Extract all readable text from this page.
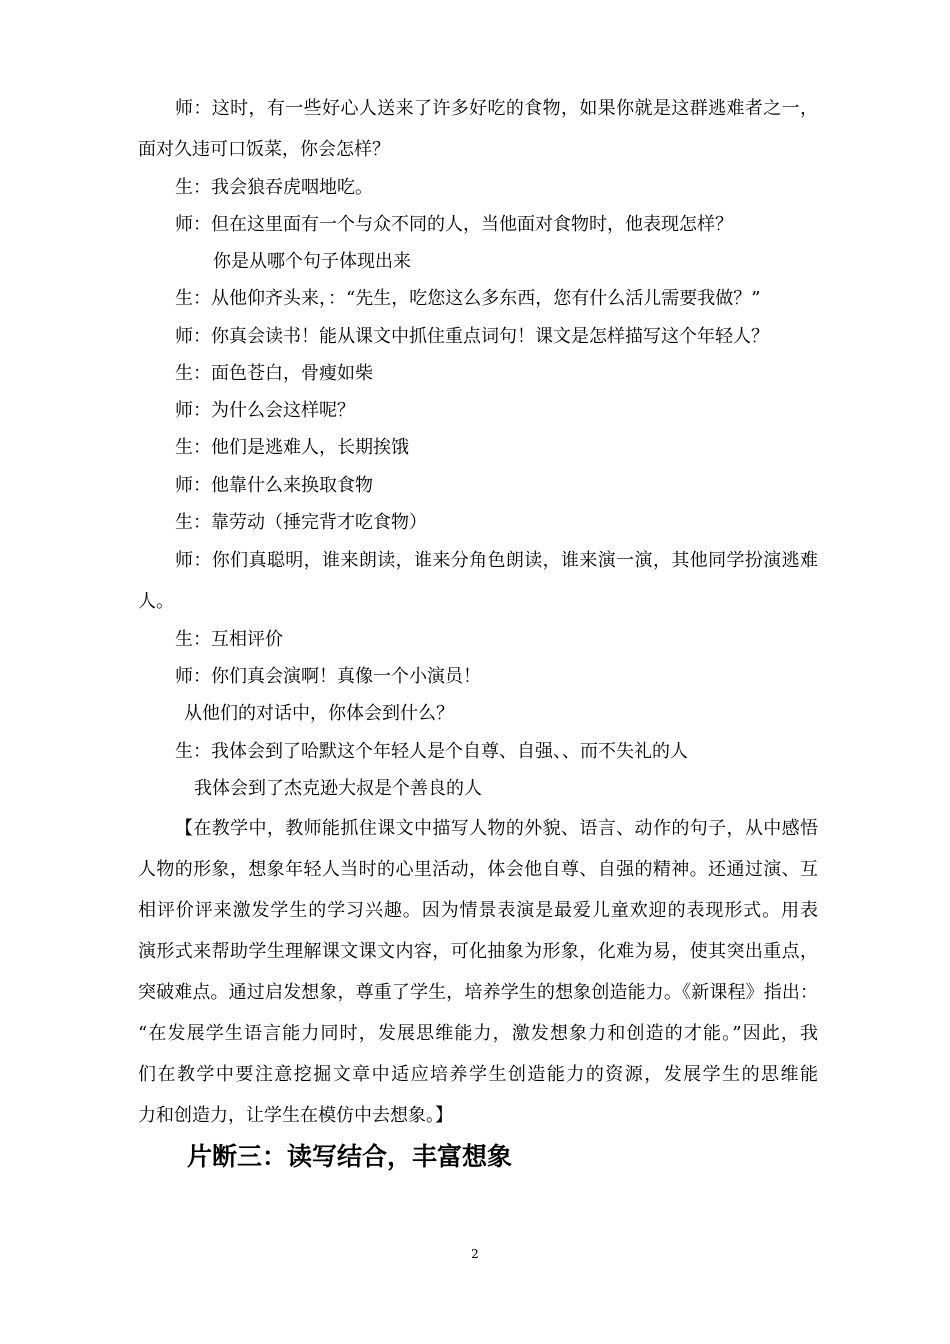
师：这时，有一些好心人送来了许多好吃的食物，如果你就是这群逃难者之一，
面对久违可口饭菜，你会怎样？
生：我会狼吞虎咽地吃。
师：但在这里面有一个与众不同的人，当他面对食物时，他表现怎样？
你是从哪个句子体现出来
生：从他仰齐头来，：“先生，吃您这么多东西，您有什么活儿需要我做？”
师：你真会读书！能从课文中抓住重点词句！课文是怎样描写这个年轻人？
生：面色苍白，骨瘦如柴
师：为什么会这样呢？
生：他们是逃难人，长期挨饿
师：他靠什么来换取食物
生：靠劳动（捶完背才吃食物）
师：你们真聪明，谁来朗读，谁来分角色朗读，谁来演一演，其他同学扮演逃难
人。
生：互相评价
师：你们真会演啊！真像一个小演员！
从他们的对话中，你体会到什么？
生：我体会到了哈默这个年轻人是个自尊、自强、、而不失礼的人
我体会到了杰克逊大叔是个善良的人
【在教学中，教师能抓住课文中描写人物的外貌、语言、动作的句子，从中感悟
人物的形象，想象年轻人当时的心里活动，体会他自尊、自强的精神。还通过演、互
相评价评来激发学生的学习兴趣。因为情景表演是最爱儿童欢迎的表现形式。用表
演形式来帮助学生理解课文课文内容，可化抽象为形象，化难为易，使其突出重点，
突破难点。通过启发想象，尊重了学生，培养学生的想象创造能力。《新课程》指出：
“在发展学生语言能力同时，发展思维能力，激发想象力和创造的才能。”因此，我
们在教学中要注意挖掘文章中适应培养学生创造能力的资源，发展学生的思维能
力和创造力，让学生在模仿中去想象。】
片断三：读写结合，丰富想象
2
